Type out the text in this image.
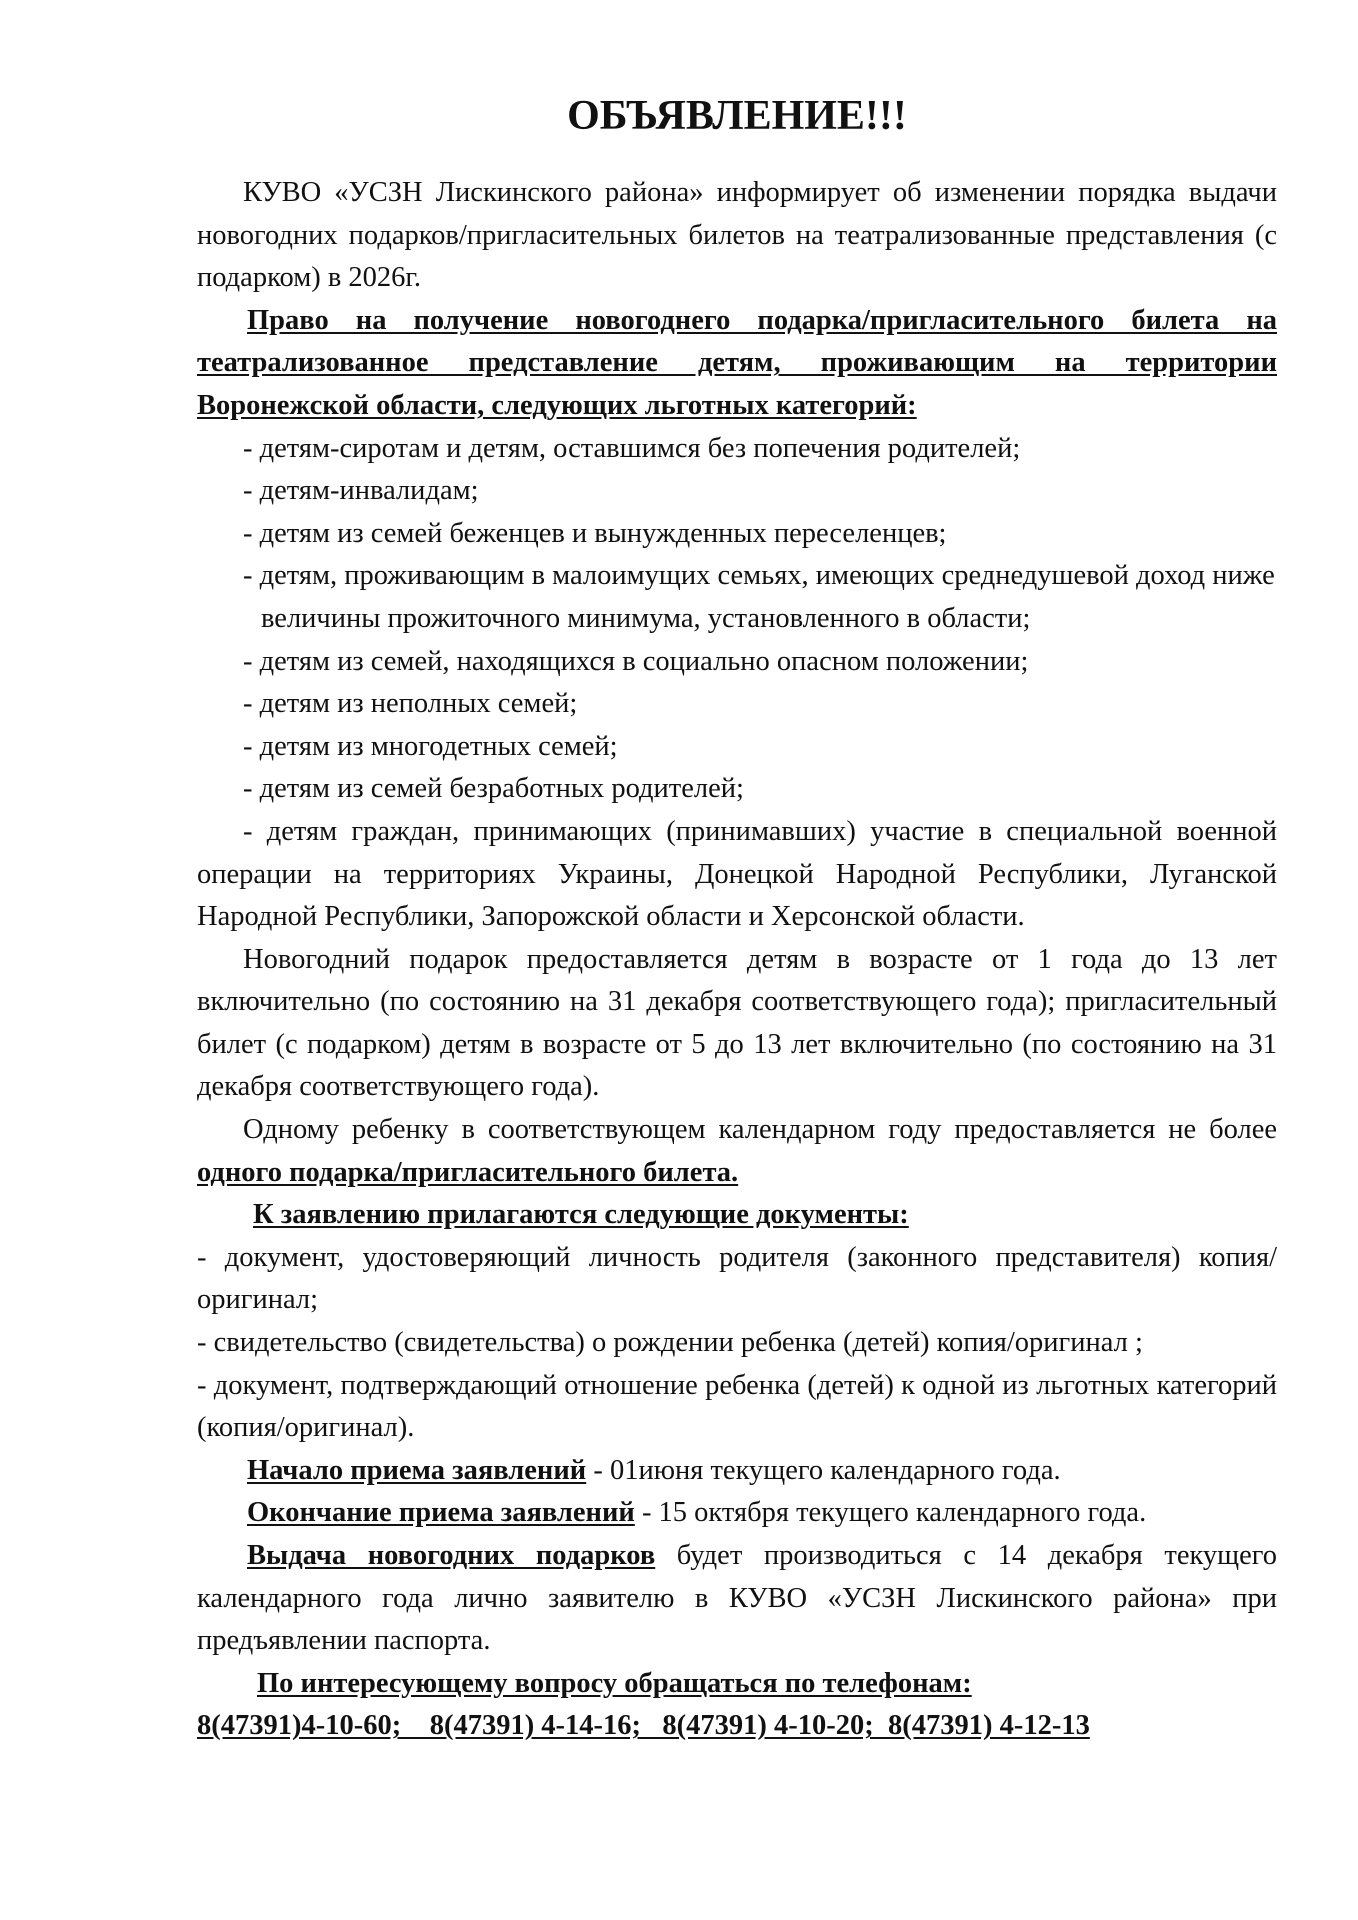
ОБЪЯВЛЕНИЕ!!!

КУВО «УСЗН Лискинского района» информирует об изменении порядка выдачи новогодних подарков/пригласительных билетов на театрализованные представления (с подарком) в 2026г.

Право на получение новогоднего подарка/пригласительного билета на театрализованное представление детям, проживающим на территории Воронежской области, следующих льготных категорий:

- детям-сиротам и детям, оставшимся без попечения родителей;

- детям-инвалидам;

- детям из семей беженцев и вынужденных переселенцев;

- детям, проживающим в малоимущих семьях, имеющих среднедушевой доход ниже величины прожиточного минимума, установленного в области;

- детям из семей, находящихся в социально опасном положении;

- детям из неполных семей;

- детям из многодетных семей;

- детям из семей безработных родителей;

- детям граждан, принимающих (принимавших) участие в специальной военной операции на территориях Украины, Донецкой Народной Республики, Луганской Народной Республики, Запорожской области и Херсонской области.

Новогодний подарок предоставляется детям в возрасте от 1 года до 13 лет включительно (по состоянию на 31 декабря соответствующего года); пригласительный билет (с подарком) детям в возрасте от 5 до 13 лет включительно (по состоянию на 31 декабря соответствующего года).

Одному ребенку в соответствующем календарном году предоставляется не более одного подарка/пригласительного билета.

К заявлению прилагаются следующие документы:

- документ, удостоверяющий личность родителя (законного представителя) копия/оригинал;

- свидетельство (свидетельства) о рождении ребенка (детей) копия/оригинал ;

- документ, подтверждающий отношение ребенка (детей) к одной из льготных категорий (копия/оригинал).

Начало приема заявлений - 01июня текущего календарного года.

Окончание приема заявлений - 15 октября текущего календарного года.

Выдача новогодних подарков будет производиться с 14 декабря текущего календарного года лично заявителю в КУВО «УСЗН Лискинского района» при предъявлении паспорта.

По интересующему вопросу обращаться по телефонам:

8(47391)4-10-60;    8(47391) 4-14-16;   8(47391) 4-10-20;  8(47391) 4-12-13
